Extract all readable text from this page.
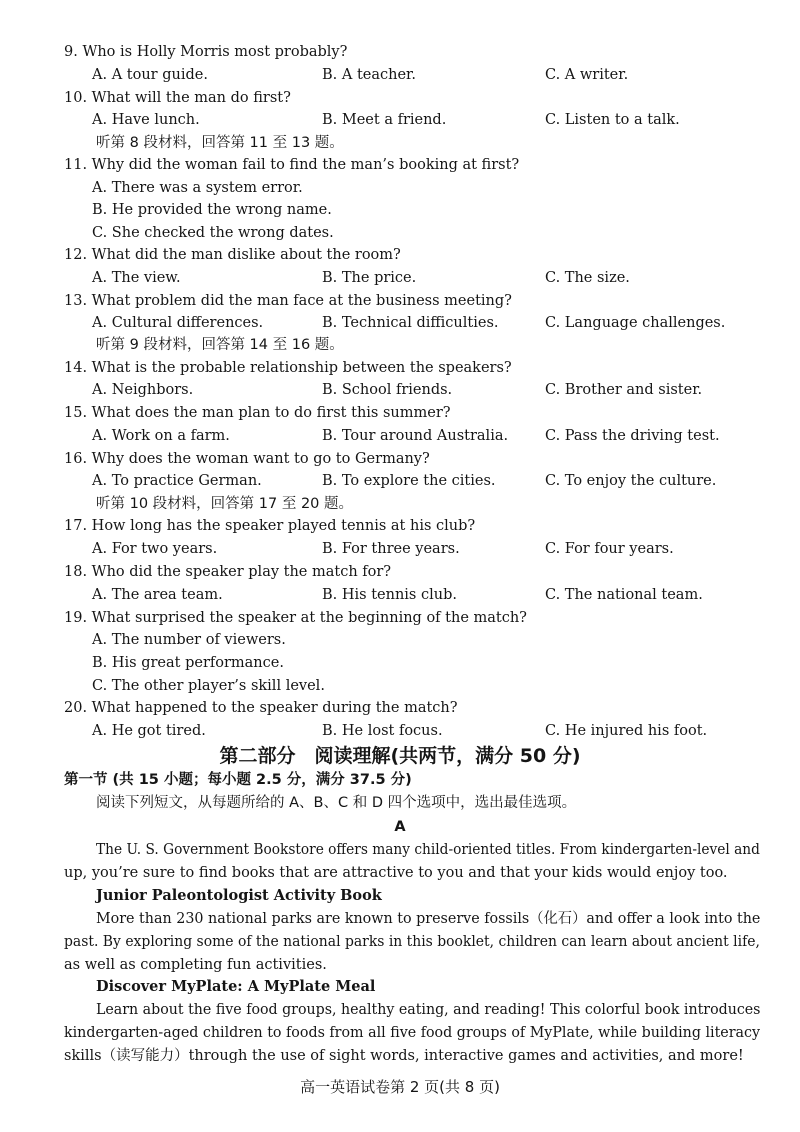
9. Who is Holly Morris most probably?
A. A tour guide.	B. A teacher.	C. A writer.
10. What will the man do first?
A. Have lunch.	B. Meet a friend.	C. Listen to a talk.
听第 8 段材料，回答第 11 至 13 题。
11. Why did the woman fail to find the man’s booking at first?
A. There was a system error.
B. He provided the wrong name.
C. She checked the wrong dates.
12. What did the man dislike about the room?
A. The view.	B. The price.	C. The size.
13. What problem did the man face at the business meeting?
A. Cultural differences.	B. Technical difficulties.	C. Language challenges.
听第 9 段材料，回答第 14 至 16 题。
14. What is the probable relationship between the speakers?
A. Neighbors.	B. School friends.	C. Brother and sister.
15. What does the man plan to do first this summer?
A. Work on a farm.	B. Tour around Australia.	C. Pass the driving test.
16. Why does the woman want to go to Germany?
A. To practice German.	B. To explore the cities.	C. To enjoy the culture.
听第 10 段材料，回答第 17 至 20 题。
17. How long has the speaker played tennis at his club?
A. For two years.	B. For three years.	C. For four years.
18. Who did the speaker play the match for?
A. The area team.	B. His tennis club.	C. The national team.
19. What surprised the speaker at the beginning of the match?
A. The number of viewers.
B. His great performance.
C. The other player’s skill level.
20. What happened to the speaker during the match?
A. He got tired.	B. He lost focus.	C. He injured his foot.
第二部分　阅读理解(共两节，满分 50 分)
第一节 (共 15 小题；每小题 2.5 分，满分 37.5 分)
阅读下列短文，从每题所给的 A、B、C 和 D 四个选项中，选出最佳选项。
A
The U. S. Government Bookstore offers many child-oriented titles. From kindergarten-level and
up, you’re sure to find books that are attractive to you and that your kids would enjoy too.
Junior Paleontologist Activity Book
More than 230 national parks are known to preserve fossils（化石）and offer a look into the
past. By exploring some of the national parks in this booklet, children can learn about ancient life,
as well as completing fun activities.
Discover MyPlate: A MyPlate Meal
Learn about the five food groups, healthy eating, and reading! This colorful book introduces
kindergarten-aged children to foods from all five food groups of MyPlate, while building literacy
skills（读写能力）through the use of sight words, interactive games and activities, and more!
高一英语试卷第 2 页(共 8 页)
